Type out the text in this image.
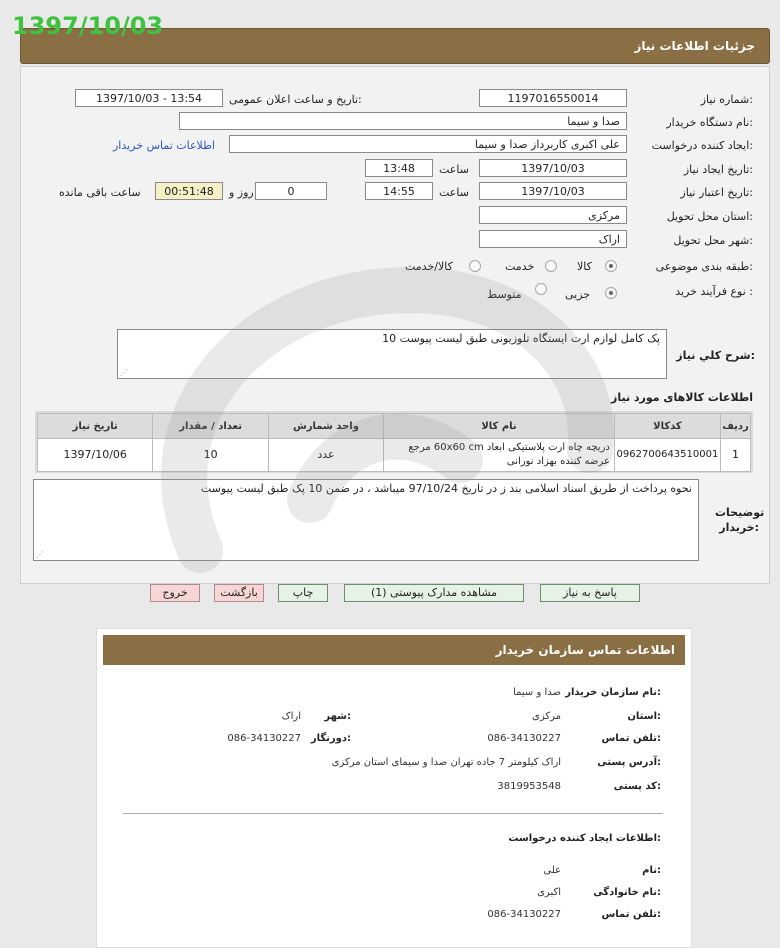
1397/10/03
جزئیات اطلاعات نیاز
شماره نیاز:
1197016550014
تاریخ و ساعت اعلان عمومی:
1397/10/03 - 13:54
نام دستگاه خریدار:
صدا و سیما
ایجاد کننده درخواست:
علی اکبری کاربرداز صدا و سیما
اطلاعات تماس خریدار
تاریخ ایجاد نیاز:
1397/10/03
ساعت
13:48
تاریخ اعتبار نیاز:
1397/10/03
ساعت
14:55
0
روز و
00:51:48
ساعت باقی مانده
استان محل تحویل:
مرکزی
شهر محل تحویل:
اراک
طبقه بندی موضوعی:
کالا
خدمت
کالا/خدمت
نوع فرآیند خرید :
جزیی
متوسط
شرح کلي نياز:
10 پک کامل لوازم ارت ایستگاه تلوزیونی طبق لیست پیوست
⋰
اطلاعات کالاهای مورد نیاز
ردیف	کدکالا	نام کالا	واحد شمارش	تعداد / مقدار	تاریخ نیاز
1	0962700643510001	دریچه چاه ارت پلاستیکی ابعاد 60x60 cm مرجع عرضه کننده بهزاد نورانی	عدد	10	1397/10/06
توضیحات خریدار:
نحوه پرداخت از طریق اسناد اسلامی بند ز در تاریخ 97/10/24 میباشد ، در ضمن 10 پک طبق لیست پیوست
⋰
پاسخ به نیاز
مشاهده مدارک پیوستی (1)
چاپ
بازگشت
خروج
اطلاعات تماس سازمان خریدار
نام سازمان خریدار:
صدا و سیما
استان:
مرکزی
شهر:
اراک
تلفن تماس:
086-34130227
دورنگار:
086-34130227
آدرس پستی:
اراک کیلومتر 7 جاده تهران صدا و سیمای استان مرکزی
کد پستی:
3819953548
اطلاعات ایجاد کننده درخواست:
نام:
علی
نام خانوادگی:
اکبری
تلفن تماس:
086-34130227
